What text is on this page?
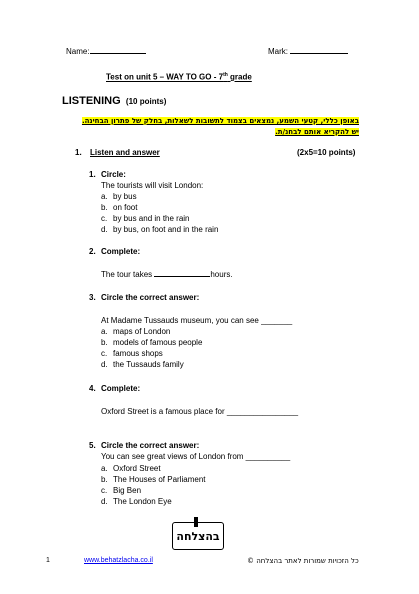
Name:	Mark:
Test on unit 5 – WAY TO GO - 7th grade
LISTENING (10 points)
באופן כללי, קטעי השמע, נמצאים בצמוד לתשובות לשאלות, בחלק של פתרון הבחינה.
יש להקריא אותם לבחנ/ת.
1. Listen and answer	(2x5=10 points)
1. Circle:
The tourists will visit London:
a. by bus
b. on foot
c. by bus and in the rain
d. by bus, on foot and in the rain
2. Complete:
The tour takes	hours.
3. Circle the correct answer:
At Madame Tussauds museum, you can see _______
a. maps of London
b. models of famous people
c. famous shops
d. the Tussauds family
4. Complete:
Oxford Street is a famous place for ________________
5. Circle the correct answer:
You can see great views of London from __________
a. Oxford Street
b. The Houses of Parliament
c. Big Ben
d. The London Eye
בהצלחה
1	www.behatzlacha.co.il	כל הזכויות שמורות לאתר בהצלחה ©
